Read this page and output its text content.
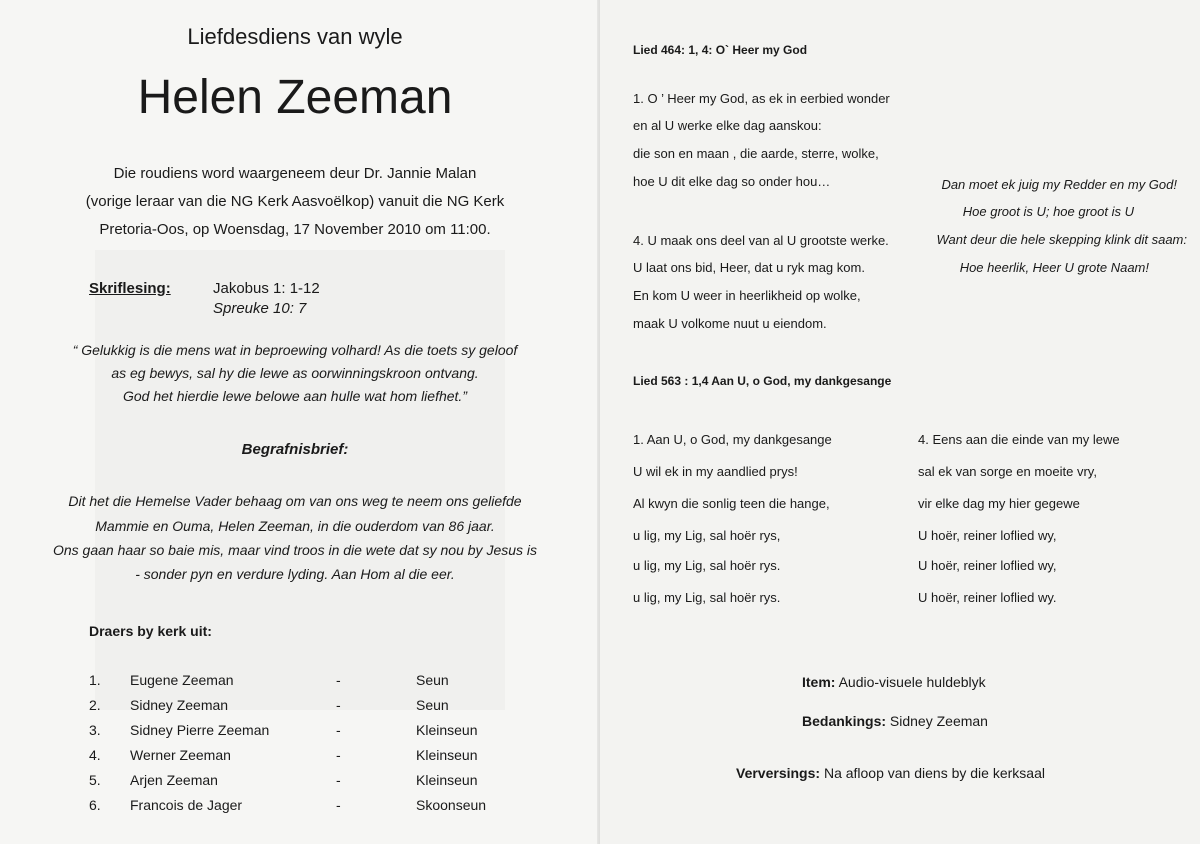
Liefdesdiens van wyle
Helen Zeeman
Die roudiens word waargeneem deur Dr. Jannie Malan
(vorige leraar van die NG Kerk Aasvoëlkop) vanuit die NG Kerk
Pretoria-Oos, op Woensdag, 17 November 2010 om 11:00.
Skriflesing:	Jakobus 1: 1-12
Spreuke 10: 7
“ Gelukkig is die mens wat in beproewing volhard! As die toets sy geloof
as eg bewys, sal hy die lewe as oorwinningskroon ontvang.
God het hierdie lewe belowe aan hulle wat hom liefhet.”
Begrafnisbrief:
Dit het die Hemelse Vader behaag om van ons weg te neem ons geliefde
Mammie en Ouma, Helen Zeeman, in die ouderdom van 86 jaar.
Ons gaan haar so baie mis, maar vind troos in die wete dat sy nou by Jesus is
- sonder pyn en verdure lyding. Aan Hom al die eer.
Draers by kerk uit:
1. Eugene Zeeman	-	Seun
2. Sidney Zeeman	-	Seun
3. Sidney Pierre Zeeman	-	Kleinseun
4. Werner Zeeman	-	Kleinseun
5. Arjen Zeeman	-	Kleinseun
6. Francois de Jager	-	Skoonseun
Lied 464: 1, 4: O` Heer my God
1. O ’ Heer my God, as ek in eerbied wonder
en al U werke elke dag aanskou:
die son en maan , die aarde, sterre, wolke,
hoe U dit elke dag so onder hou…
4. U maak ons deel van al U grootste werke.
U laat ons bid, Heer, dat u ryk mag kom.
En kom U weer in heerlikheid op wolke,
maak U volkome nuut u eiendom.
Dan moet ek juig my Redder en my God!
Hoe groot is U; hoe groot is U
Want deur die hele skepping klink dit saam:
Hoe heerlik, Heer U grote Naam!
Lied 563 : 1,4 Aan U, o God, my dankgesange
1. Aan U, o God, my dankgesange
U wil ek in my aandlied prys!
Al kwyn die sonlig teen die hange,
u lig, my Lig, sal hoër rys,
u lig, my Lig, sal hoër rys.
u lig, my Lig, sal hoër rys.
4. Eens aan die einde van my lewe
sal ek van sorge en moeite vry,
vir elke dag my hier gegewe
U hoër, reiner loflied wy,
U hoër, reiner loflied wy,
U hoër, reiner loflied wy.
Item: Audio-visuele huldeblyk
Bedankings: Sidney Zeeman
Verversings: Na afloop van diens by die kerksaal
